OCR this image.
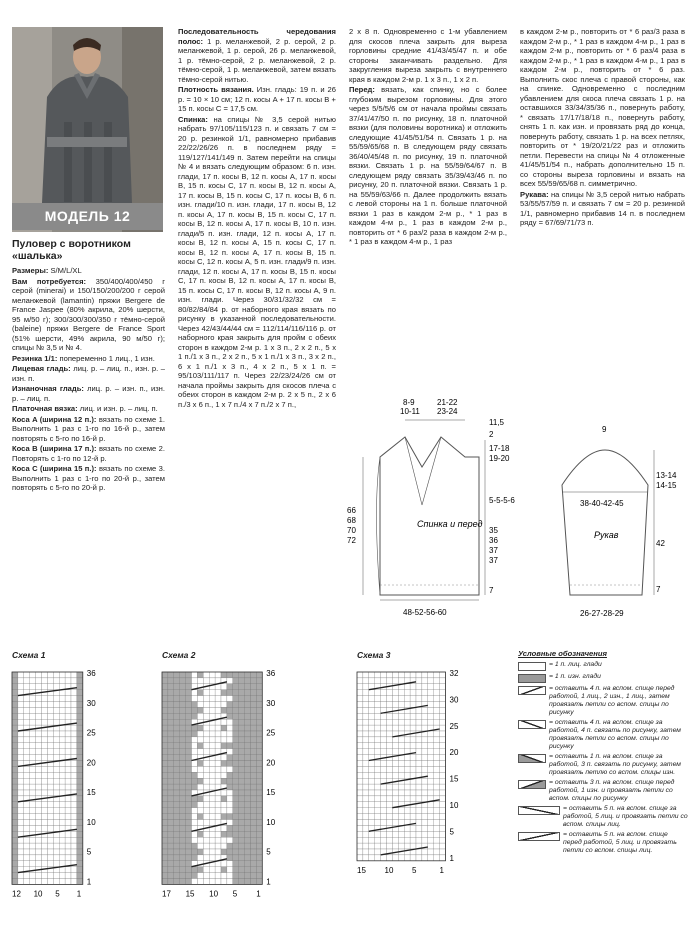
МОДЕЛЬ 12
Пуловер с воротником «шалька»

Размеры: S/M/L/XL

Вам потребуется: 350/400/400/450 г серой (minerai) и 150/150/200/200 г серой меланжевой (lamantin) пряжи Bergere de France Jaspee (80% акрила, 20% шерсти, 95 м/50 г); 300/300/300/350 г тёмно-серой (baleine) пряжи Bergere de France Sport (51% шерсти, 49% акрила, 90 м/50 г); спицы № 3,5 и № 4.

Резинка 1/1: попеременно 1 лиц., 1 изн.

Лицевая гладь: лиц. р. – лиц. п., изн. р. – изн. п.

Изнаночная гладь: лиц. р. – изн. п., изн. р. – лиц. п.

Платочная вязка: лиц. и изн. р. – лиц. п.

Коса A (ширина 12 п.): вязать по схеме 1. Выполнить 1 раз с 1-го по 16-й р., затем повторять с 5-го по 16-й р.

Коса B (ширина 17 п.): вязать по схеме 2. Повторять с 1-го по 12-й р.

Коса C (ширина 15 п.): вязать по схеме 3. Выполнить 1 раз с 1-го по 20-й р., затем повторять с 5-го по 20-й р.

Последовательность чередования полос: 1 р. меланжевой, 2 р. серой, 2 р. меланжевой, 1 р. серой, 26 р. меланжевой, 1 р. тёмно-серой, 2 р. меланжевой, 2 р. тёмно-серой, 1 р. меланжевой, затем вязать тёмно-серой нитью.

Плотность вязания. Изн. гладь: 19 п. и 26 р. = 10 × 10 см; 12 п. косы A + 17 п. косы B + 15 п. косы C = 17,5 см.

Спинка: на спицы № 3,5 серой нитью набрать 97/105/115/123 п. и связать 7 см = 20 р. резинкой 1/1, равномерно прибавив 22/22/26/26 п. в последнем ряду = 119/127/141/149 п. Затем перейти на спицы № 4 и вязать следующим образом: 6 п. изн. глади, 17 п. косы B, 12 п. косы A, 17 п. косы B, 15 п. косы C, 17 п. косы B, 12 п. косы A, 17 п. косы B, 15 п. косы C, 17 п. косы B, 6 п. изн. глади/10 п. изн. глади, 17 п. косы B, 12 п. косы A, 17 п. косы B, 15 п. косы C, 17 п. косы B, 12 п. косы A, 17 п. косы B, 10 п. изн. глади/5 п. изн. глади, 12 п. косы A, 17 п. косы B, 12 п. косы A, 15 п. косы C, 17 п. косы B, 12 п. косы A, 17 п. косы B, 15 п. косы C, 12 п. косы A, 5 п. изн. глади/9 п. изн. глади, 12 п. косы A, 17 п. косы B, 15 п. косы C, 17 п. косы B, 12 п. косы A, 17 п. косы B, 15 п. косы C, 17 п. косы B, 12 п. косы A, 9 п. изн. глади. Через 30/31/32/32 см = 80/82/84/84 р. от наборного края вязать по рисунку в указанной последовательности. Через 42/43/44/44 см = 112/114/116/116 р. от наборного края закрыть для пройм с обеих сторон в каждом 2-м р. 1 х 3 п., 2 х 2 п., 5 х 1 п./1 х 3 п., 2 х 2 п., 5 х 1 п./1 х 3 п., 3 х 2 п., 6 х 1 п./1 х 3 п., 4 х 2 п., 5 х 1 п. = 95/103/111/117 п. Через 22/23/24/26 см от начала проймы закрыть для скосов плеча с обеих сторон в каждом 2-м р. 2 х 5 п., 2 х 6 п./3 х 6 п., 1 х 7 п./4 х 7 п./2 х 7 п.,

2 х 8 п. Одновременно с 1-м убавлением для скосов плеча закрыть для выреза горловины средние 41/43/45/47 п. и обе стороны заканчивать раздельно. Для закругления выреза закрыть с внутреннего края в каждом 2-м р. 1 х 3 п., 1 х 2 п.

Перед: вязать, как спинку, но с более глубоким вырезом горловины. Для этого через 5/5/5/6 см от начала проймы связать 37/41/47/50 п. по рисунку, 18 п. платочной вязки (для половины воротника) и отложить следующие 41/45/51/54 п. Связать 1 р. на 55/59/65/68 п. В следующем ряду связать 36/40/45/48 п. по рисунку, 19 п. платочной вязки. Связать 1 р. на 55/59/64/67 п. В следующем ряду связать 35/39/43/46 п. по рисунку, 20 п. платочной вязки. Связать 1 р. на 55/59/63/66 п. Далее продолжить вязать с левой стороны на 1 п. больше платочной вязки 1 раз в каждом 2-м р., * 1 раз в каждом 4-м р., 1 раз в каждом 2-м р., повторить от * 6 раз/2 раза в каждом 2-м р., * 1 раз в каждом 4-м р., 1 раз

в каждом 2-м р., повторить от * 6 раз/3 раза в каждом 2-м р., * 1 раз в каждом 4-м р., 1 раз в каждом 2-м р., повторить от * 6 раз/4 раза в каждом 2-м р., * 1 раз в каждом 4-м р., 1 раз в каждом 2-м р., повторить от * 6 раз. Выполнить скос плеча с правой стороны, как на спинке. Одновременно с последним убавлением для скоса плеча связать 1 р. на оставшихся 33/34/35/36 п., повернуть работу, * связать 17/17/18/18 п., повернуть работу, снять 1 п. как изн. и провязать ряд до конца, повернуть работу, связать 1 р. на всех петлях, повторить от * 19/20/21/22 раз и отложить петли. Перевести на спицы № 4 отложенные 41/45/51/54 п., набрать дополнительно 15 п. со стороны выреза горловины и вязать на всех 55/59/65/68 п. симметрично.

Рукава: на спицы № 3,5 серой нитью набрать 53/55/57/59 п. и связать 7 см = 20 р. резинкой 1/1, равномерно прибавив 14 п. в последнем ряду = 67/69/71/73 п.

8-9
10-11
21-22
23-24
11,5
2
17-18
19-20
5-5-5-6
66
68
70
72
35
36
37
37
7
48-52-56-60
Спинка и перед
9
13-14
14-15
38-40-42-45
42
7
26-27-28-29
Рукав
Схема 1	Схема 2	Схема 3
36
30
25
20
15
10
5
1
12 10 5 1
36
30
25
20
15
10
5
1
17 15 10 5 1
32
30
25
20
15
10
5
1
15 10 5	1
Условные обозначения
= 1 п. лиц. глади
= 1 п. изн. глади
= оставить 4 п. на вспом. спице перед работой, 1 лиц., 2 изн., 1 лиц., затем провязать петли со вспом. спицы по рисунку
= оставить 4 п. на вспом. спице за работой, 4 п. связать по рисунку, затем провязать петли со вспом. спицы по рисунку
= оставить 1 п. на вспом. спице за работой, 3 п. связать по рисунку, затем провязать петлю со вспом. спицы изн.
= оставить 3 п. на вспом. спице перед работой, 1 изн. и провязать петли со вспом. спицы по рисунку
= оставить 5 п. на вспом. спице за работой, 5 лиц. и провязать петли со вспом. спицы лиц.
= оставить 5 п. на вспом. спице перед работой, 5 лиц. и провязать петли со вспом. спицы лиц.
